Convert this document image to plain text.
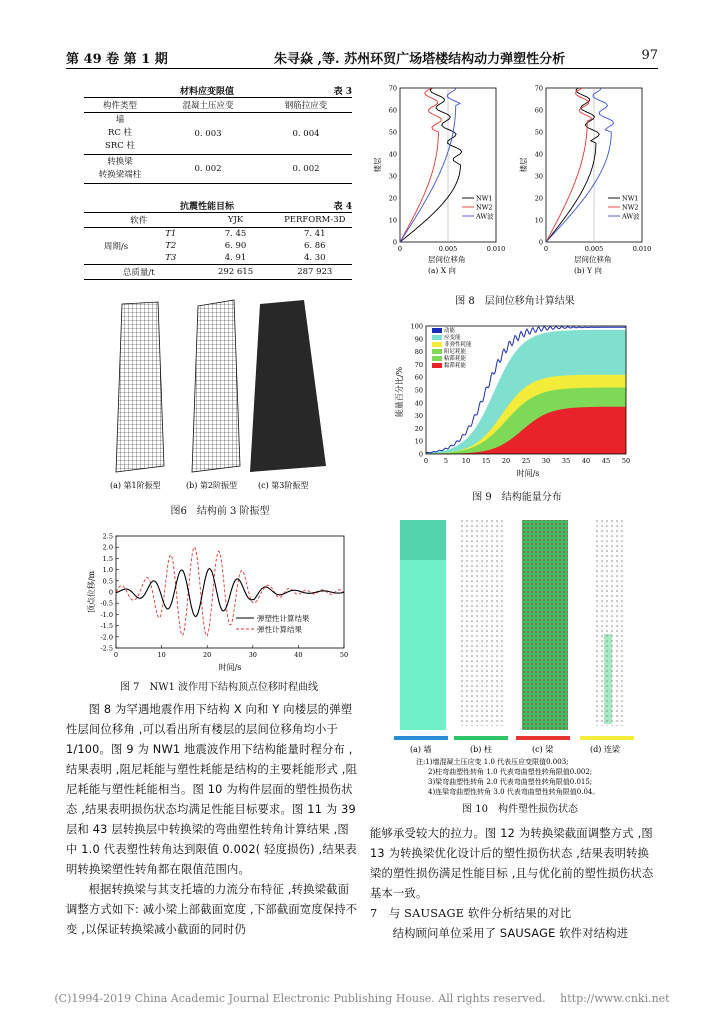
第 49 卷 第 1 期	朱寻焱 ,等. 苏州环贸广场塔楼结构动力弹塑性分析	97
材料应变限值	表 3
构件类型	混凝土压应变	钢筋拉应变

墙
RC 柱
SRC 柱	0. 003	0. 004

转换梁
转换梁端柱	0. 002	0. 002
抗震性能目标	表 4
软件		YJK	PERFORM-3D
周期/s	T1	7. 45	7. 41
	T2	6. 90	6. 86
	T3	4. 91	4. 30
总质量/t		292 615	287 923
(a) 第1阶振型	(b) 第2阶振型	(c) 第3阶振型
图6　结构前 3 阶振型
顶点位移/m
时间/s
2.5
2.0
1.5
1.0
0.5
0
-0.5
-1.0
-1.5
-2.0
-2.5
0	10	20	30	40	50
弹塑性计算结果
弹性计算结果
图 7　NW1 波作用下结构顶点位移时程曲线

图 8 为罕遇地震作用下结构 X 向和 Y 向楼层的弹塑性层间位移角 ,可以看出所有楼层的层间位移角均小于 1/100。图 9 为 NW1 地震波作用下结构能量时程分布 ,结果表明 ,阻尼耗能与塑性耗能是结构的主要耗能形式 ,阻尼耗能与塑性耗能相当。图 10 为构件层面的塑性损伤状态 ,结果表明损伤状态均满足性能目标要求。图 11 为 39 层和 43 层转换层中转换梁的弯曲塑性转角计算结果 ,图中 1.0 代表塑性转角达到限值 0.002( 轻度损伤) ,结果表明转换梁塑性转角都在限值范围内。

根据转换梁与其支托墙的力流分布特征 ,转换梁截面调整方式如下: 减小梁上部截面宽度 ,下部截面宽度保持不变 ,以保证转换梁减小截面的同时仍

70
60
50
40
30
20
10
0
0	0.005	0.010
楼层
层间位移角
(a) X 向
NW1
NW2
AW波
70
60
50
40
30
20
10
0
0	0.005	0.010
楼层
层间位移角
(b) Y 向
NW1
NW2
AW波
图 8　层间位移角计算结果
能量百分比/%
时间/s
100
90
80
70
60
50
40
30
20
10
0
0 5 10 15 20 25 30 35 40 45 50
动能
应变能
非弹性耗能
阻尼耗能
粘滞耗能
黏滞耗能
图 9　结构能量分布
(a) 墙	(b) 柱	(c) 梁	(d) 连梁
注:1)墙混凝土压应变 1.0 代表压应变限值0.003;
2)柱弯曲塑性转角 1.0 代表弯曲塑性转角限值0.002;
3)梁弯曲塑性转角 2.0 代表弯曲塑性转角限值0.015;
4)连梁弯曲塑性转角 3.0 代表弯曲塑性转角限值0.04。
图 10　构件塑性损伤状态

能够承受较大的拉力。图 12 为转换梁截面调整方式 ,图 13 为转换梁优化设计后的塑性损伤状态 ,结果表明转换梁的塑性损伤满足性能目标 ,且与优化前的塑性损伤状态基本一致。

7　与 SAUSAGE 软件分析结果的对比

结构顾问单位采用了 SAUSAGE 软件对结构进

(C)1994-2019 China Academic Journal Electronic Publishing House. All rights reserved.　 http://www.cnki.net
